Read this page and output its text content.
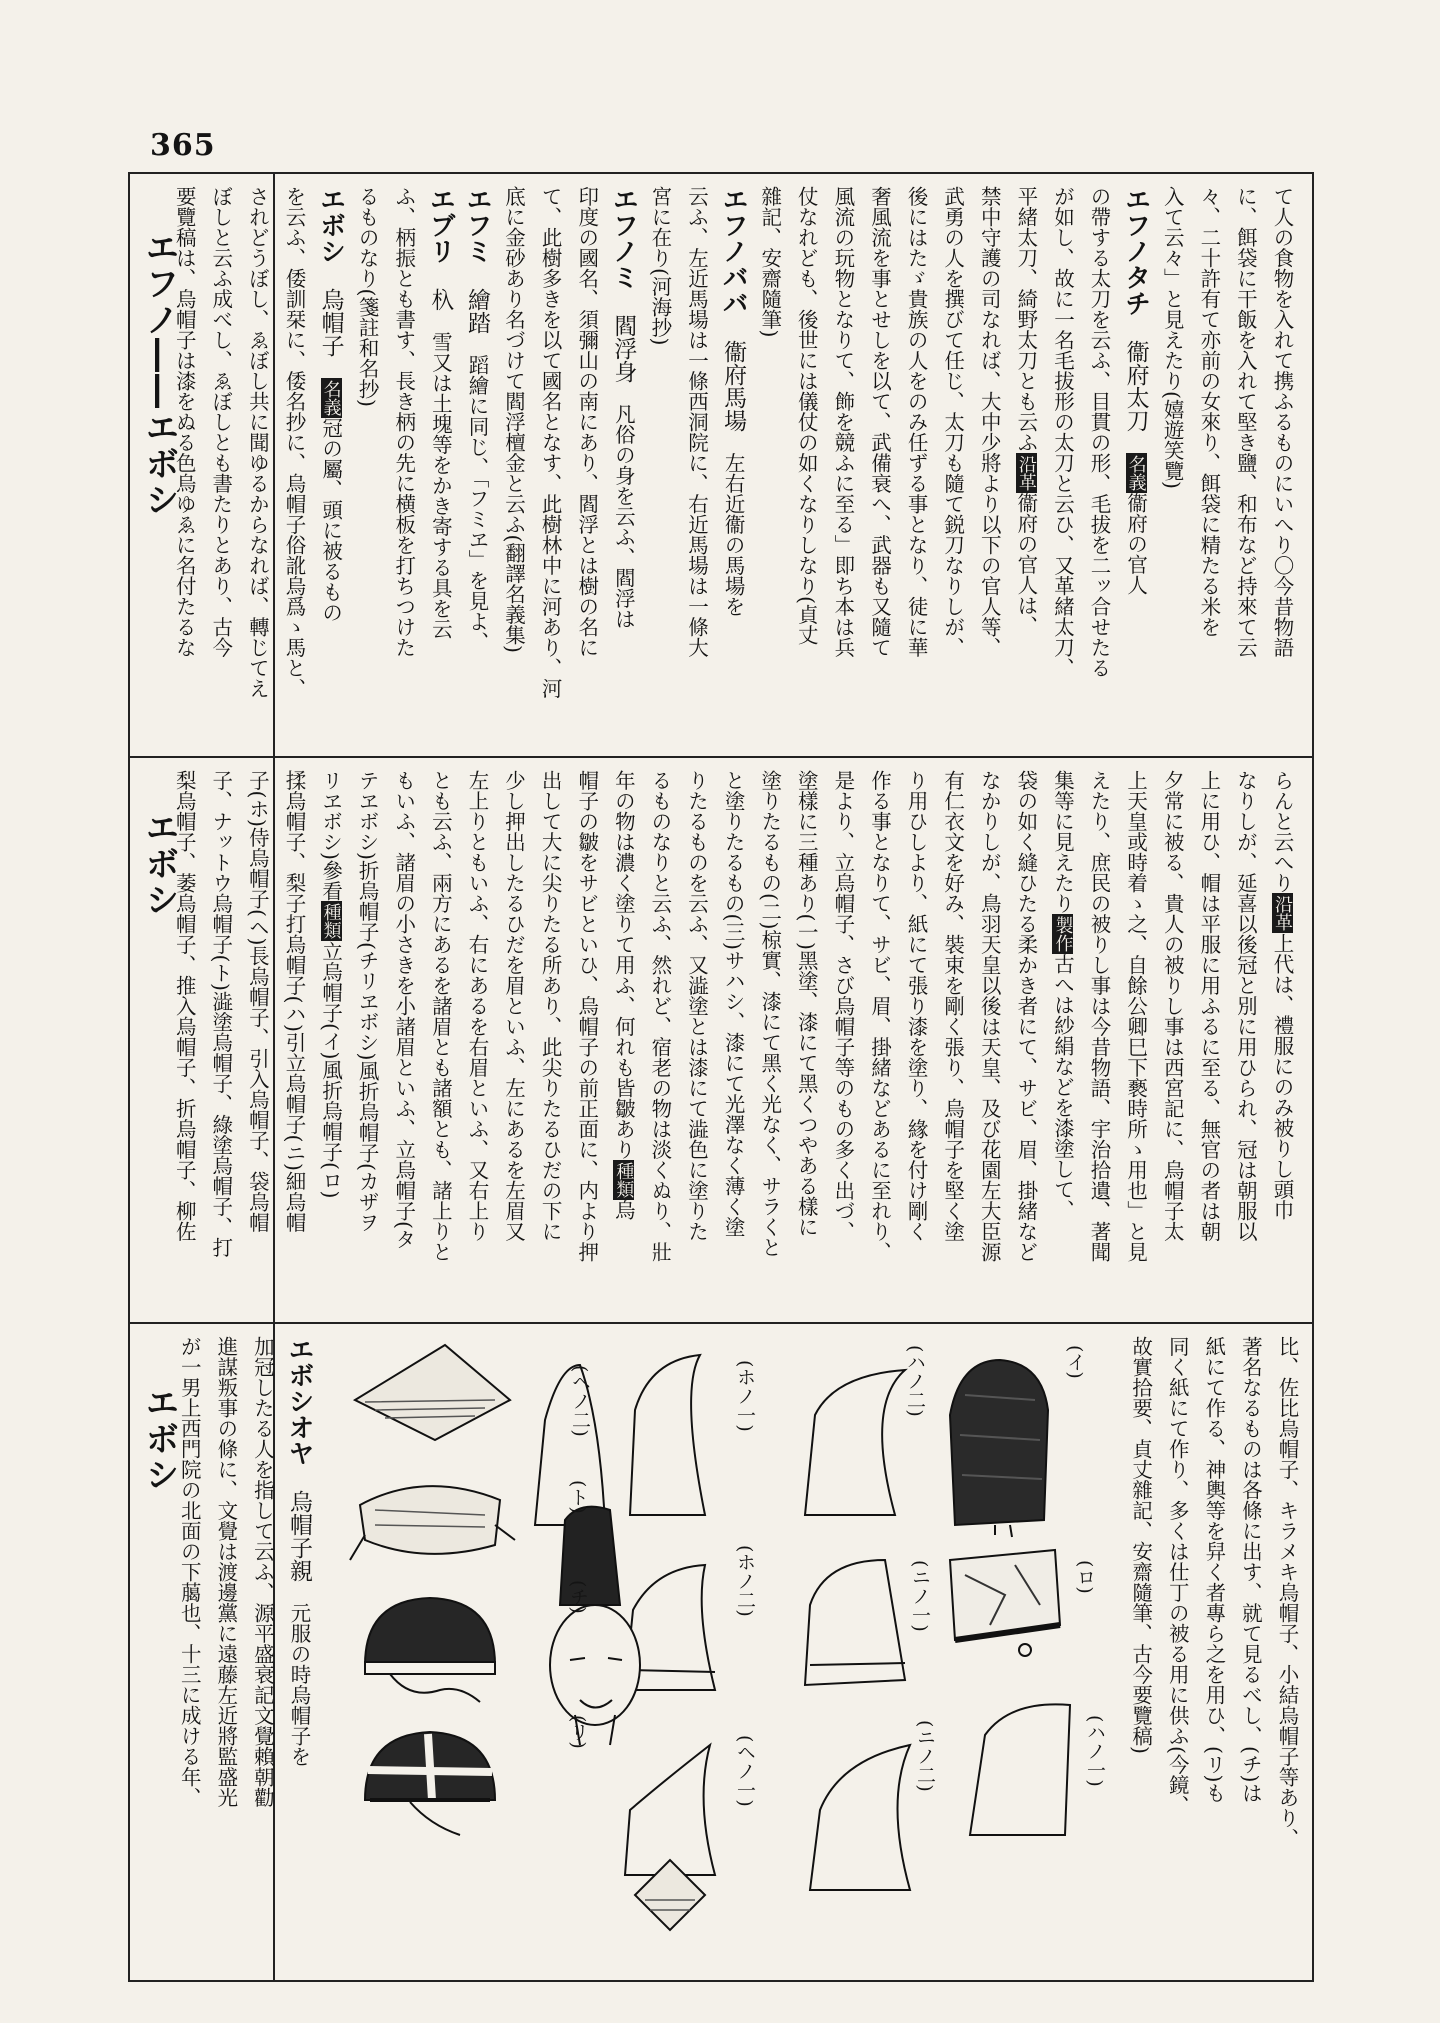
365
エフノ――エボシ
エボシ
エボシ

て人の食物を入れて携ふるものにいへり〇今昔物語

に、餌袋に干飯を入れて堅き鹽、和布など持來て云

々、二十許有て亦前の女來り、餌袋に精たる米を

入て云々」と見えたり(嬉遊笑覽)

エフノタチ衞府太刀　名義衞府の官人

の帶する太刀を云ふ、目貫の形、毛拔を二ッ合せたる

が如し、故に一名毛拔形の太刀と云ひ、又革緒太刀、

平緒太刀、綺野太刀とも云ふ沿革衞府の官人は、

禁中守護の司なれば、大中少將より以下の官人等、

武勇の人を撰びて任じ、太刀も隨て鋭刀なりしが、

後にはたゞ貴族の人をのみ任ずる事となり、徒に華

奢風流を事とせしを以て、武備衰へ、武器も又隨て

風流の玩物となりて、飾を競ふに至る」即ち本は兵

仗なれども、後世には儀仗の如くなりしなり(貞丈

雜記、安齋隨筆)

エフノババ衞府馬場　左右近衞の馬場を

云ふ、左近馬場は一條西洞院に、右近馬場は一條大

宮に在り(河海抄)

エフノミ閻浮身　凡俗の身を云ふ、閻浮は

印度の國名、須彌山の南にあり、閻浮とは樹の名に

て、此樹多きを以て國名となす、此樹林中に河あり、河

底に金砂あり名づけて閻浮檀金と云ふ(翻譯名義集)

エフミ繪踏　蹈繪に同じ、「フミヱ」を見よ、

エブリ杁　雪又は土塊等をかき寄する具を云

ふ、柄振とも書す、長き柄の先に横板を打ちつけた

るものなり(箋註和名抄)

エボシ烏帽子　名義冠の屬、頭に被るもの

を云ふ、倭訓栞に、倭名抄に、烏帽子俗訛烏爲ゝ馬と、

されどうぼし、ゑぼし共に聞ゆるからなれば、轉じてえ

ぼしと云ふ成べし、ゑぼしとも書たりとあり、古今

要覽稿は、烏帽子は漆をぬる色烏ゆゑに名付たるな

らんと云へり沿革上代は、禮服にのみ被りし頭巾

なりしが、延喜以後冠と別に用ひられ、冠は朝服以

上に用ひ、帽は平服に用ふるに至る、無官の者は朝

夕常に被る、貴人の被りし事は西宮記に、烏帽子太

上天皇或時着ゝ之、自餘公卿巳下褻時所ゝ用也」と見

えたり、庶民の被りし事は今昔物語、宇治拾遺、著聞

集等に見えたり製作古へは紗絹などを漆塗して、

袋の如く縫ひたる柔かき者にて、サビ、眉、掛緒など

なかりしが、鳥羽天皇以後は天皇、及び花園左大臣源

有仁衣文を好み、裝束を剛く張り、烏帽子を堅く塗

り用ひしより、紙にて張り漆を塗り、緣を付け剛く

作る事となりて、サビ、眉、掛緒などあるに至れり、

是より、立烏帽子、さび烏帽子等のもの多く出づ、

塗樣に三種あり(一)黑塗、漆にて黑くつやある樣に

塗りたるもの(二)椋實、漆にて黑く光なく、サラくと

と塗りたるもの(三)サハシ、漆にて光澤なく薄く塗

りたるものを云ふ、又澁塗とは漆にて澁色に塗りた

るものなりと云ふ、然れど、宿老の物は淡くぬり、壯

年の物は濃く塗りて用ふ、何れも皆皺あり種類烏

帽子の皺をサビといひ、烏帽子の前正面に、内より押

出して大に尖りたる所あり、此尖りたるひだの下に

少し押出したるひだを眉といふ、左にあるを左眉又

左上りともいふ、右にあるを右眉といふ、又右上り

とも云ふ、兩方にあるを諸眉とも諸額とも、諸上りと

もいふ、諸眉の小さきを小諸眉といふ、立烏帽子(タ

テヱボシ)折烏帽子(チリヱボシ)風折烏帽子(カザヲ

リヱボシ)參看種類立烏帽子(イ)風折烏帽子(ロ)

揉烏帽子、梨子打烏帽子(ハ)引立烏帽子(ニ)細烏帽

子(ホ)侍烏帽子(ヘ)長烏帽子、引入烏帽子、袋烏帽

子、ナットウ烏帽子(ト)澁塗烏帽子、綠塗烏帽子、打

梨烏帽子、萎烏帽子、推入烏帽子、折烏帽子、柳佐

比、佐比烏帽子、キラメキ烏帽子、小結烏帽子等あり、

著名なるものは各條に出す、就て見るべし、(チ)は

紙にて作る、神輿等を舁く者專ら之を用ひ、(リ)も

同く紙にて作り、多くは仕丁の被る用に供ふ(今鏡、

故實拾要、貞丈雜記、安齋隨筆、古今要覽稿)

エボシオヤ烏帽子親　元服の時烏帽子を

加冠したる人を指して云ふ、源平盛衰記文覺賴朝勸

進謀叛事の條に、文覺は渡邊黨に遠藤左近將監盛光

が一男上西門院の北面の下﨟也、十三に成ける年、	(イ)
(ハノ二)
(ロ)
(ニノ一)
(ハノ一)
(ニノ二)
(ホノ一)
(ホノ二)
(ヘノ一)
(ヘノ二)
(ト)
(チ)
(リ)
